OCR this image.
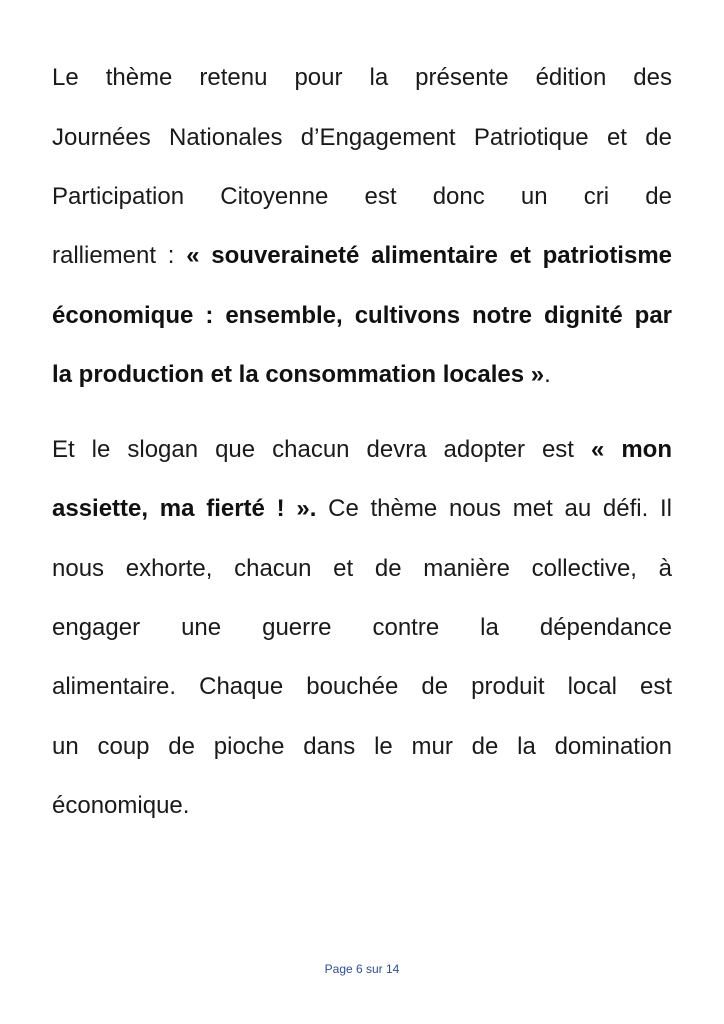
Le thème retenu pour la présente édition des
Journées Nationales d’Engagement Patriotique et de
Participation Citoyenne est donc un cri de
ralliement : « souveraineté alimentaire et patriotisme
économique : ensemble, cultivons notre dignité par
la production et la consommation locales ».
Et le slogan que chacun devra adopter est « mon
assiette, ma fierté ! ». Ce thème nous met au défi. Il
nous exhorte, chacun et de manière collective, à
engager une guerre contre la dépendance
alimentaire. Chaque bouchée de produit local est
un coup de pioche dans le mur de la domination
économique.
Page 6 sur 14
